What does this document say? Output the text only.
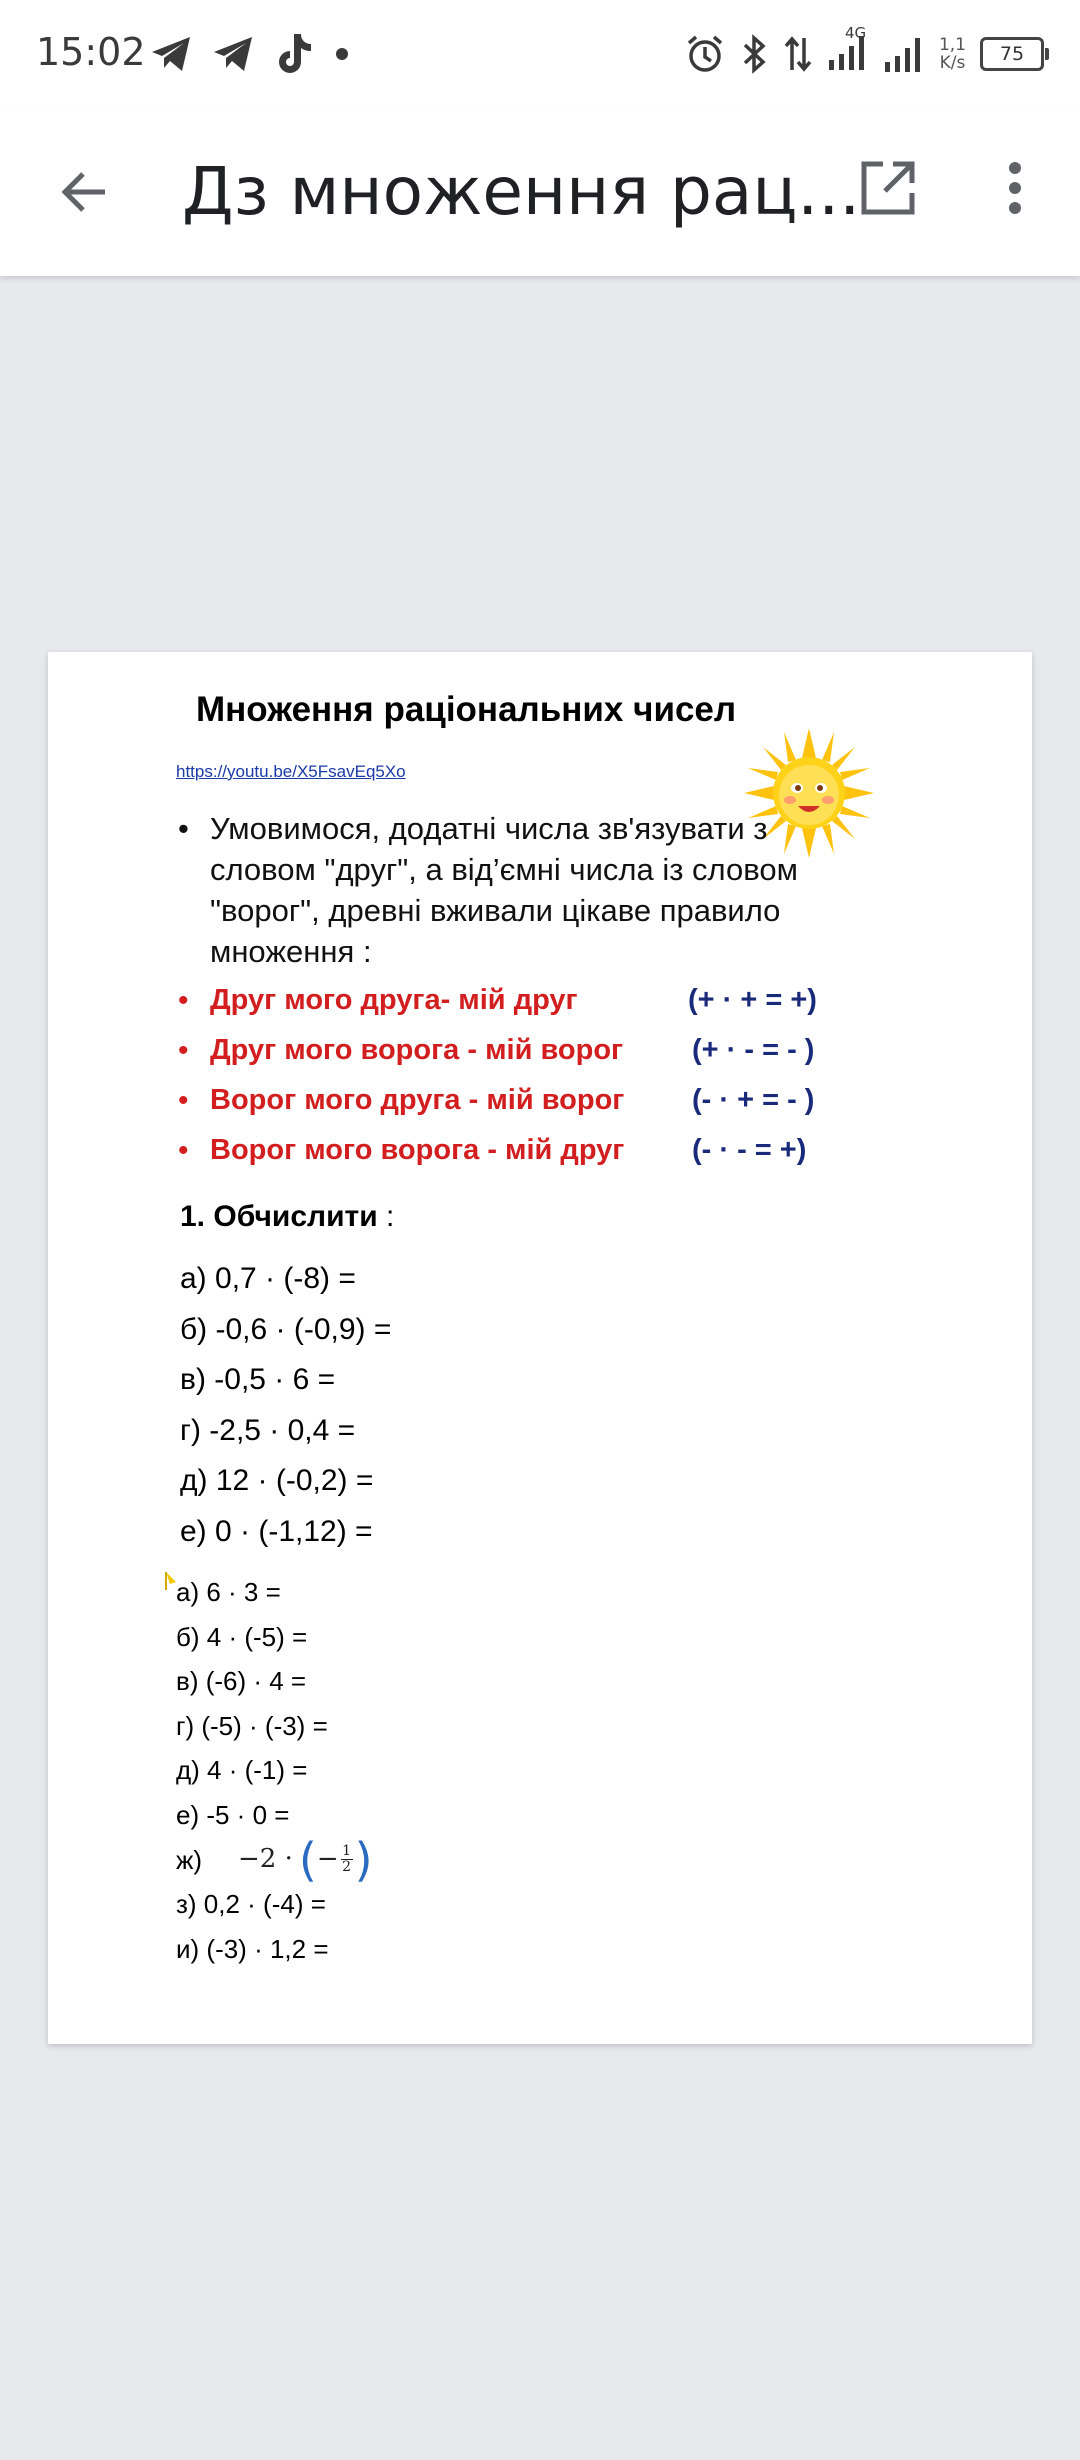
15:02	4G
1,1
K/s	75
Дз множення рац...
Множення раціональних чисел
https://youtu.be/X5FsavEq5Xo
• Умовимося, додатні числа зв'язувати з словом "друг", а від’ємні числа із словом "ворог", древні вживали цікаве правило множення :
• Друг мого друга- мій друг	(+ · + = +)
• Друг мого ворога - мій ворог (+ · - = - )
• Ворог мого друга - мій ворог (- · + = - )
• Ворог мого ворога - мій друг (- · - = +)
1. Обчислити :
а) 0,7 · (-8) =
б) -0,6 · (-0,9) =
в) -0,5 · 6 =
г) -2,5 · 0,4 =
д) 12 · (-0,2) =
е) 0 · (-1,12) =
а) 6 · 3 =
б) 4 · (-5) =
в) (-6) · 4 =
г) (-5) · (-3) =
д) 4 · (-1) =
е) -5 · 0 =
ж) −2 · ( − $\frac{1}{2}$ )
з) 0,2 · (-4) =
и) (-3) · 1,2 =
